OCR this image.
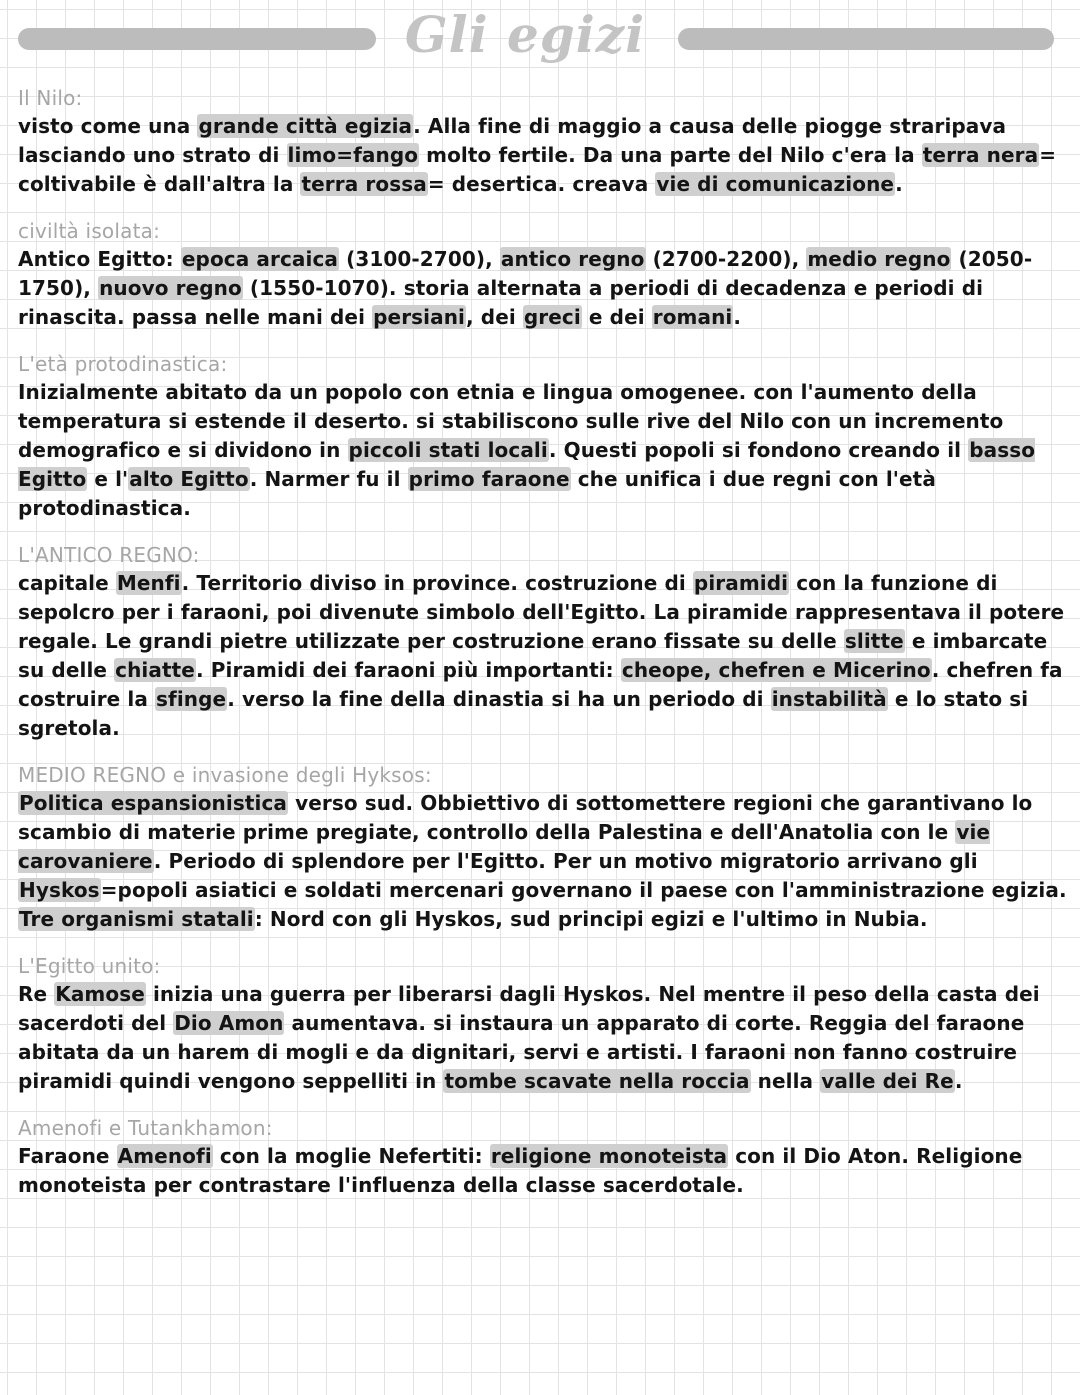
Gli egizi
Il Nilo:

visto come una grande città egizia. Alla fine di maggio a causa delle piogge straripava lasciando uno strato di limo=fango molto fertile. Da una parte del Nilo c'era la terra nera= coltivabile è dall'altra la terra rossa= desertica. creava vie di comunicazione.

civiltà isolata:

Antico Egitto: epoca arcaica (3100-2700), antico regno (2700-2200), medio regno (2050-1750), nuovo regno (1550-1070). storia alternata a periodi di decadenza e periodi di rinascita. passa nelle mani dei persiani, dei greci e dei romani.

L'età protodinastica:

Inizialmente abitato da un popolo con etnia e lingua omogenee. con l'aumento della temperatura si estende il deserto. si stabiliscono sulle rive del Nilo con un incremento demografico e si dividono in piccoli stati locali. Questi popoli si fondono creando il basso Egitto e l'alto Egitto. Narmer fu il primo faraone che unifica i due regni con l'età protodinastica.

L'ANTICO REGNO:

capitale Menfi. Territorio diviso in province. costruzione di piramidi con la funzione di sepolcro per i faraoni, poi divenute simbolo dell'Egitto. La piramide rappresentava il potere regale. Le grandi pietre utilizzate per costruzione erano fissate su delle slitte e imbarcate su delle chiatte. Piramidi dei faraoni più importanti: cheope, chefren e Micerino. chefren fa costruire la sfinge. verso la fine della dinastia si ha un periodo di instabilità e lo stato si sgretola.

MEDIO REGNO e invasione degli Hyksos:

Politica espansionistica verso sud. Obbiettivo di sottomettere regioni che garantivano lo scambio di materie prime pregiate, controllo della Palestina e dell'Anatolia con le vie carovaniere. Periodo di splendore per l'Egitto. Per un motivo migratorio arrivano gli Hyskos=popoli asiatici e soldati mercenari governano il paese con l'amministrazione egizia. Tre organismi statali: Nord con gli Hyskos, sud principi egizi e l'ultimo in Nubia.

L'Egitto unito:

Re Kamose inizia una guerra per liberarsi dagli Hyskos. Nel mentre il peso della casta dei sacerdoti del Dio Amon aumentava. si instaura un apparato di corte. Reggia del faraone abitata da un harem di mogli e da dignitari, servi e artisti. I faraoni non fanno costruire piramidi quindi vengono seppelliti in tombe scavate nella roccia nella valle dei Re.

Amenofi e Tutankhamon:

Faraone Amenofi con la moglie Nefertiti: religione monoteista con il Dio Aton. Religione monoteista per contrastare l'influenza della classe sacerdotale.
